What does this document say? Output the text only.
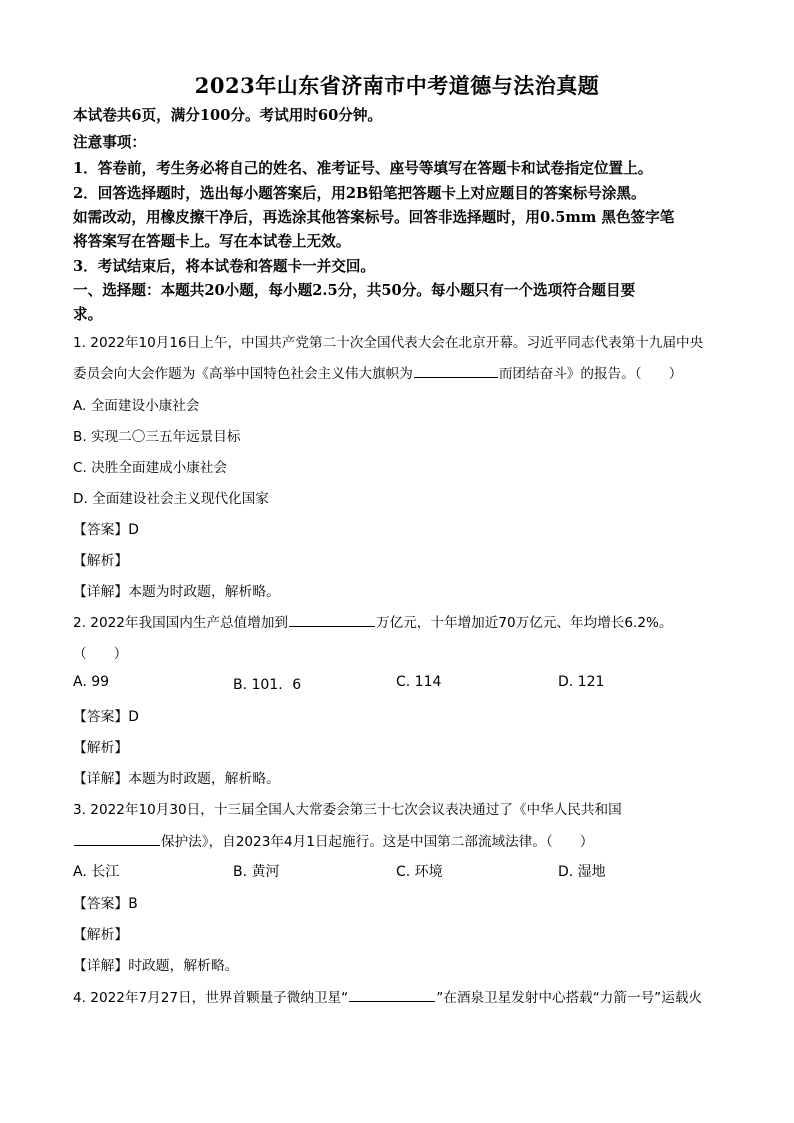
2023年山东省济南市中考道德与法治真题
本试卷共6页，满分100分。考试用时60分钟。
注意事项：
1．答卷前，考生务必将自己的姓名、准考证号、座号等填写在答题卡和试卷指定位置上。
2．回答选择题时，选出每小题答案后，用2B铅笔把答题卡上对应题目的答案标号涂黑。
如需改动，用橡皮擦干净后，再选涂其他答案标号。回答非选择题时，用0.5mm 黑色签字笔
将答案写在答题卡上。写在本试卷上无效。
3．考试结束后，将本试卷和答题卡一并交回。
一、选择题：本题共20小题，每小题2.5分，共50分。每小题只有一个选项符合题目要
求。
1. 2022年10月16日上午，中国共产党第二十次全国代表大会在北京开幕。习近平同志代表第十九届中央
委员会向大会作题为《高举中国特色社会主义伟大旗帜为	而团结奋斗》的报告。（　　）
A. 全面建设小康社会
B. 实现二〇三五年远景目标
C. 决胜全面建成小康社会
D. 全面建设社会主义现代化国家
【答案】D
【解析】
【详解】本题为时政题，解析略。
2. 2022年我国国内生产总值增加到	万亿元，十年增加近70万亿元、年均增长6.2%。
（　　）
A. 99	B. 101．6	C. 114	D. 121
【答案】D
【解析】
【详解】本题为时政题，解析略。
3. 2022年10月30日，十三届全国人大常委会第三十七次会议表决通过了《中华人民共和国
保护法》，自2023年4月1日起施行。这是中国第二部流域法律。（　　）
A. 长江	B. 黄河	C. 环境	D. 湿地
【答案】B
【解析】
【详解】时政题，解析略。
4. 2022年7月27日，世界首颗量子微纳卫星“	”在酒泉卫星发射中心搭载“力箭一号”运载火
